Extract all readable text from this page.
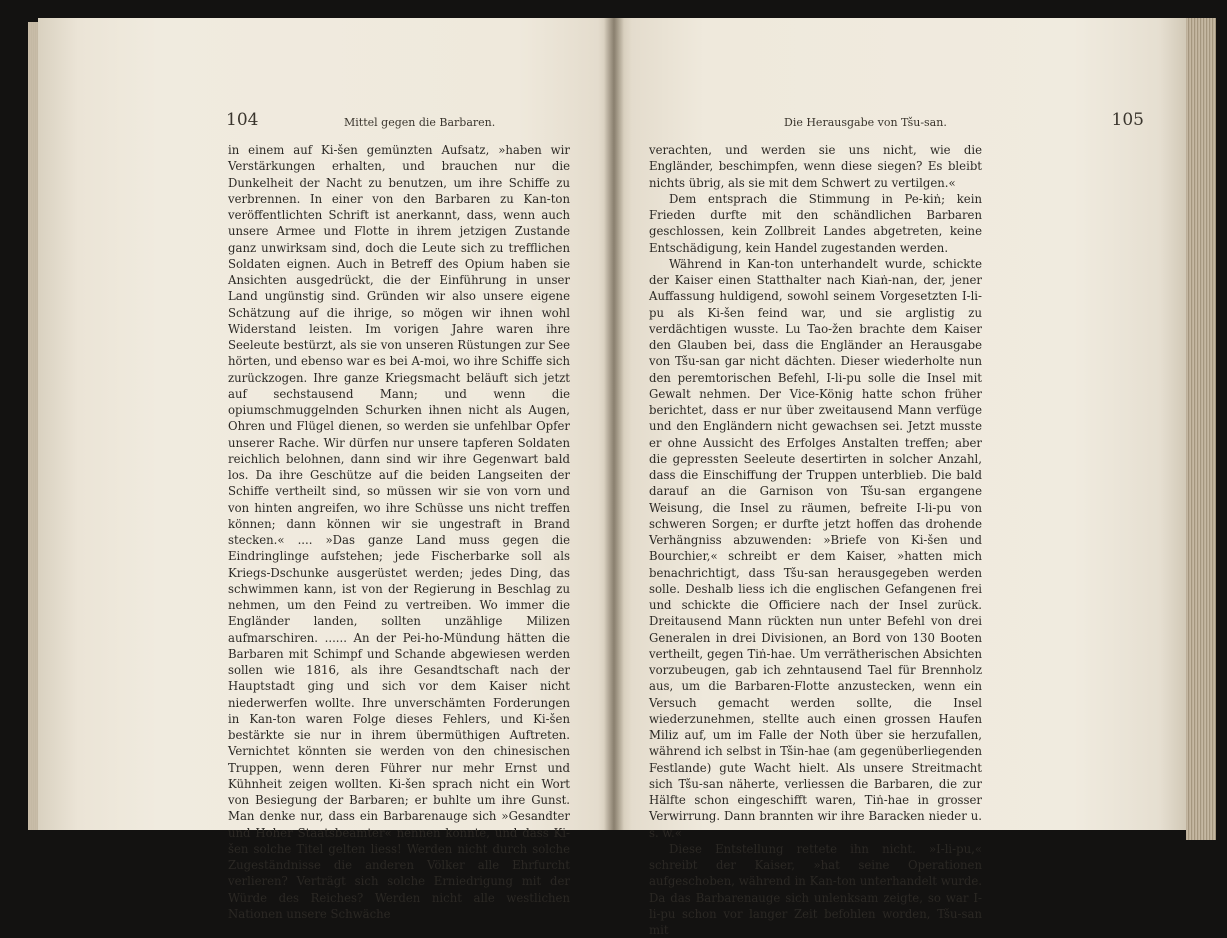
104	Mittel gegen die Barbaren.

in einem auf Ki-šen gemünzten Aufsatz, »haben wir Verstärkungen erhalten, und brauchen nur die Dunkelheit der Nacht zu benutzen, um ihre Schiffe zu verbrennen. In einer von den Barbaren zu Kan-ton veröffentlichten Schrift ist anerkannt, dass, wenn auch unsere Armee und Flotte in ihrem jetzigen Zustande ganz unwirksam sind, doch die Leute sich zu trefflichen Soldaten eignen. Auch in Betreff des Opium haben sie Ansichten ausgedrückt, die der Einführung in unser Land ungünstig sind. Gründen wir also unsere eigene Schätzung auf die ihrige, so mögen wir ihnen wohl Widerstand leisten. Im vorigen Jahre waren ihre Seeleute bestürzt, als sie von unseren Rüstungen zur See hörten, und ebenso war es bei A-moi, wo ihre Schiffe sich zurückzogen. Ihre ganze Kriegsmacht beläuft sich jetzt auf sechstausend Mann; und wenn die opiumschmuggelnden Schurken ihnen nicht als Augen, Ohren und Flügel dienen, so werden sie unfehlbar Opfer unserer Rache. Wir dürfen nur unsere tapferen Soldaten reichlich belohnen, dann sind wir ihre Gegenwart bald los. Da ihre Geschütze auf die beiden Langseiten der Schiffe vertheilt sind, so müssen wir sie von vorn und von hinten angreifen, wo ihre Schüsse uns nicht treffen können; dann können wir sie ungestraft in Brand stecken.« .... »Das ganze Land muss gegen die Eindringlinge aufstehen; jede Fischerbarke soll als Kriegs-Dschunke ausgerüstet werden; jedes Ding, das schwimmen kann, ist von der Regierung in Beschlag zu nehmen, um den Feind zu vertreiben. Wo immer die Engländer landen, sollten unzählige Milizen aufmarschiren. ...... An der Pei-ho-Mündung hätten die Barbaren mit Schimpf und Schande abgewiesen werden sollen wie 1816, als ihre Gesandtschaft nach der Hauptstadt ging und sich vor dem Kaiser nicht niederwerfen wollte. Ihre unverschämten Forderungen in Kan-ton waren Folge dieses Fehlers, und Ki-šen bestärkte sie nur in ihrem übermüthigen Auftreten. Vernichtet könnten sie werden von den chinesischen Truppen, wenn deren Führer nur mehr Ernst und Kühnheit zeigen wollten. Ki-šen sprach nicht ein Wort von Besiegung der Barbaren; er buhlte um ihre Gunst. Man denke nur, dass ein Barbarenauge sich »Gesandter und Hoher Staatsbeamter« nennen konnte, und dass Ki-šen solche Titel gelten liess! Werden nicht durch solche Zugeständnisse die anderen Völker alle Ehrfurcht verlieren? Verträgt sich solche Erniedrigung mit der Würde des Reiches? Werden nicht alle westlichen Nationen unsere Schwäche

Die Herausgabe von Tšu-san.	105

verachten, und werden sie uns nicht, wie die Engländer, beschimpfen, wenn diese siegen? Es bleibt nichts übrig, als sie mit dem Schwert zu vertilgen.«

Dem entsprach die Stimmung in Pe-kiṅ; kein Frieden durfte mit den schändlichen Barbaren geschlossen, kein Zollbreit Landes abgetreten, keine Entschädigung, kein Handel zugestanden werden.

Während in Kan-ton unterhandelt wurde, schickte der Kaiser einen Statthalter nach Kiaṅ-nan, der, jener Auffassung huldigend, sowohl seinem Vorgesetzten I-li-pu als Ki-šen feind war, und sie arglistig zu verdächtigen wusste. Lu Tao-žen brachte dem Kaiser den Glauben bei, dass die Engländer an Herausgabe von Tšu-san gar nicht dächten. Dieser wiederholte nun den peremtorischen Befehl, I-li-pu solle die Insel mit Gewalt nehmen. Der Vice-König hatte schon früher berichtet, dass er nur über zweitausend Mann verfüge und den Engländern nicht gewachsen sei. Jetzt musste er ohne Aussicht des Erfolges Anstalten treffen; aber die gepressten Seeleute desertirten in solcher Anzahl, dass die Einschiffung der Truppen unterblieb. Die bald darauf an die Garnison von Tšu-san ergangene Weisung, die Insel zu räumen, befreite I-li-pu von schweren Sorgen; er durfte jetzt hoffen das drohende Verhängniss abzuwenden: »Briefe von Ki-šen und Bourchier,« schreibt er dem Kaiser, »hatten mich benachrichtigt, dass Tšu-san herausgegeben werden solle. Deshalb liess ich die englischen Gefangenen frei und schickte die Officiere nach der Insel zurück. Dreitausend Mann rückten nun unter Befehl von drei Generalen in drei Divisionen, an Bord von 130 Booten vertheilt, gegen Tiṅ-hae. Um verrätherischen Absichten vorzubeugen, gab ich zehntausend Tael für Brennholz aus, um die Barbaren-Flotte anzustecken, wenn ein Versuch gemacht werden sollte, die Insel wiederzunehmen, stellte auch einen grossen Haufen Miliz auf, um im Falle der Noth über sie herzufallen, während ich selbst in Tšin-hae (am gegenüberliegenden Festlande) gute Wacht hielt. Als unsere Streitmacht sich Tšu-san näherte, verliessen die Barbaren, die zur Hälfte schon eingeschifft waren, Tiṅ-hae in grosser Verwirrung. Dann brannten wir ihre Baracken nieder u. s. w.«

Diese Entstellung rettete ihn nicht. »I-li-pu,« schreibt der Kaiser, »hat seine Operationen aufgeschoben, während in Kan-ton unterhandelt wurde. Da das Barbarenauge sich unlenksam zeigte, so war I-li-pu schon vor langer Zeit befohlen worden, Tšu-san mit
